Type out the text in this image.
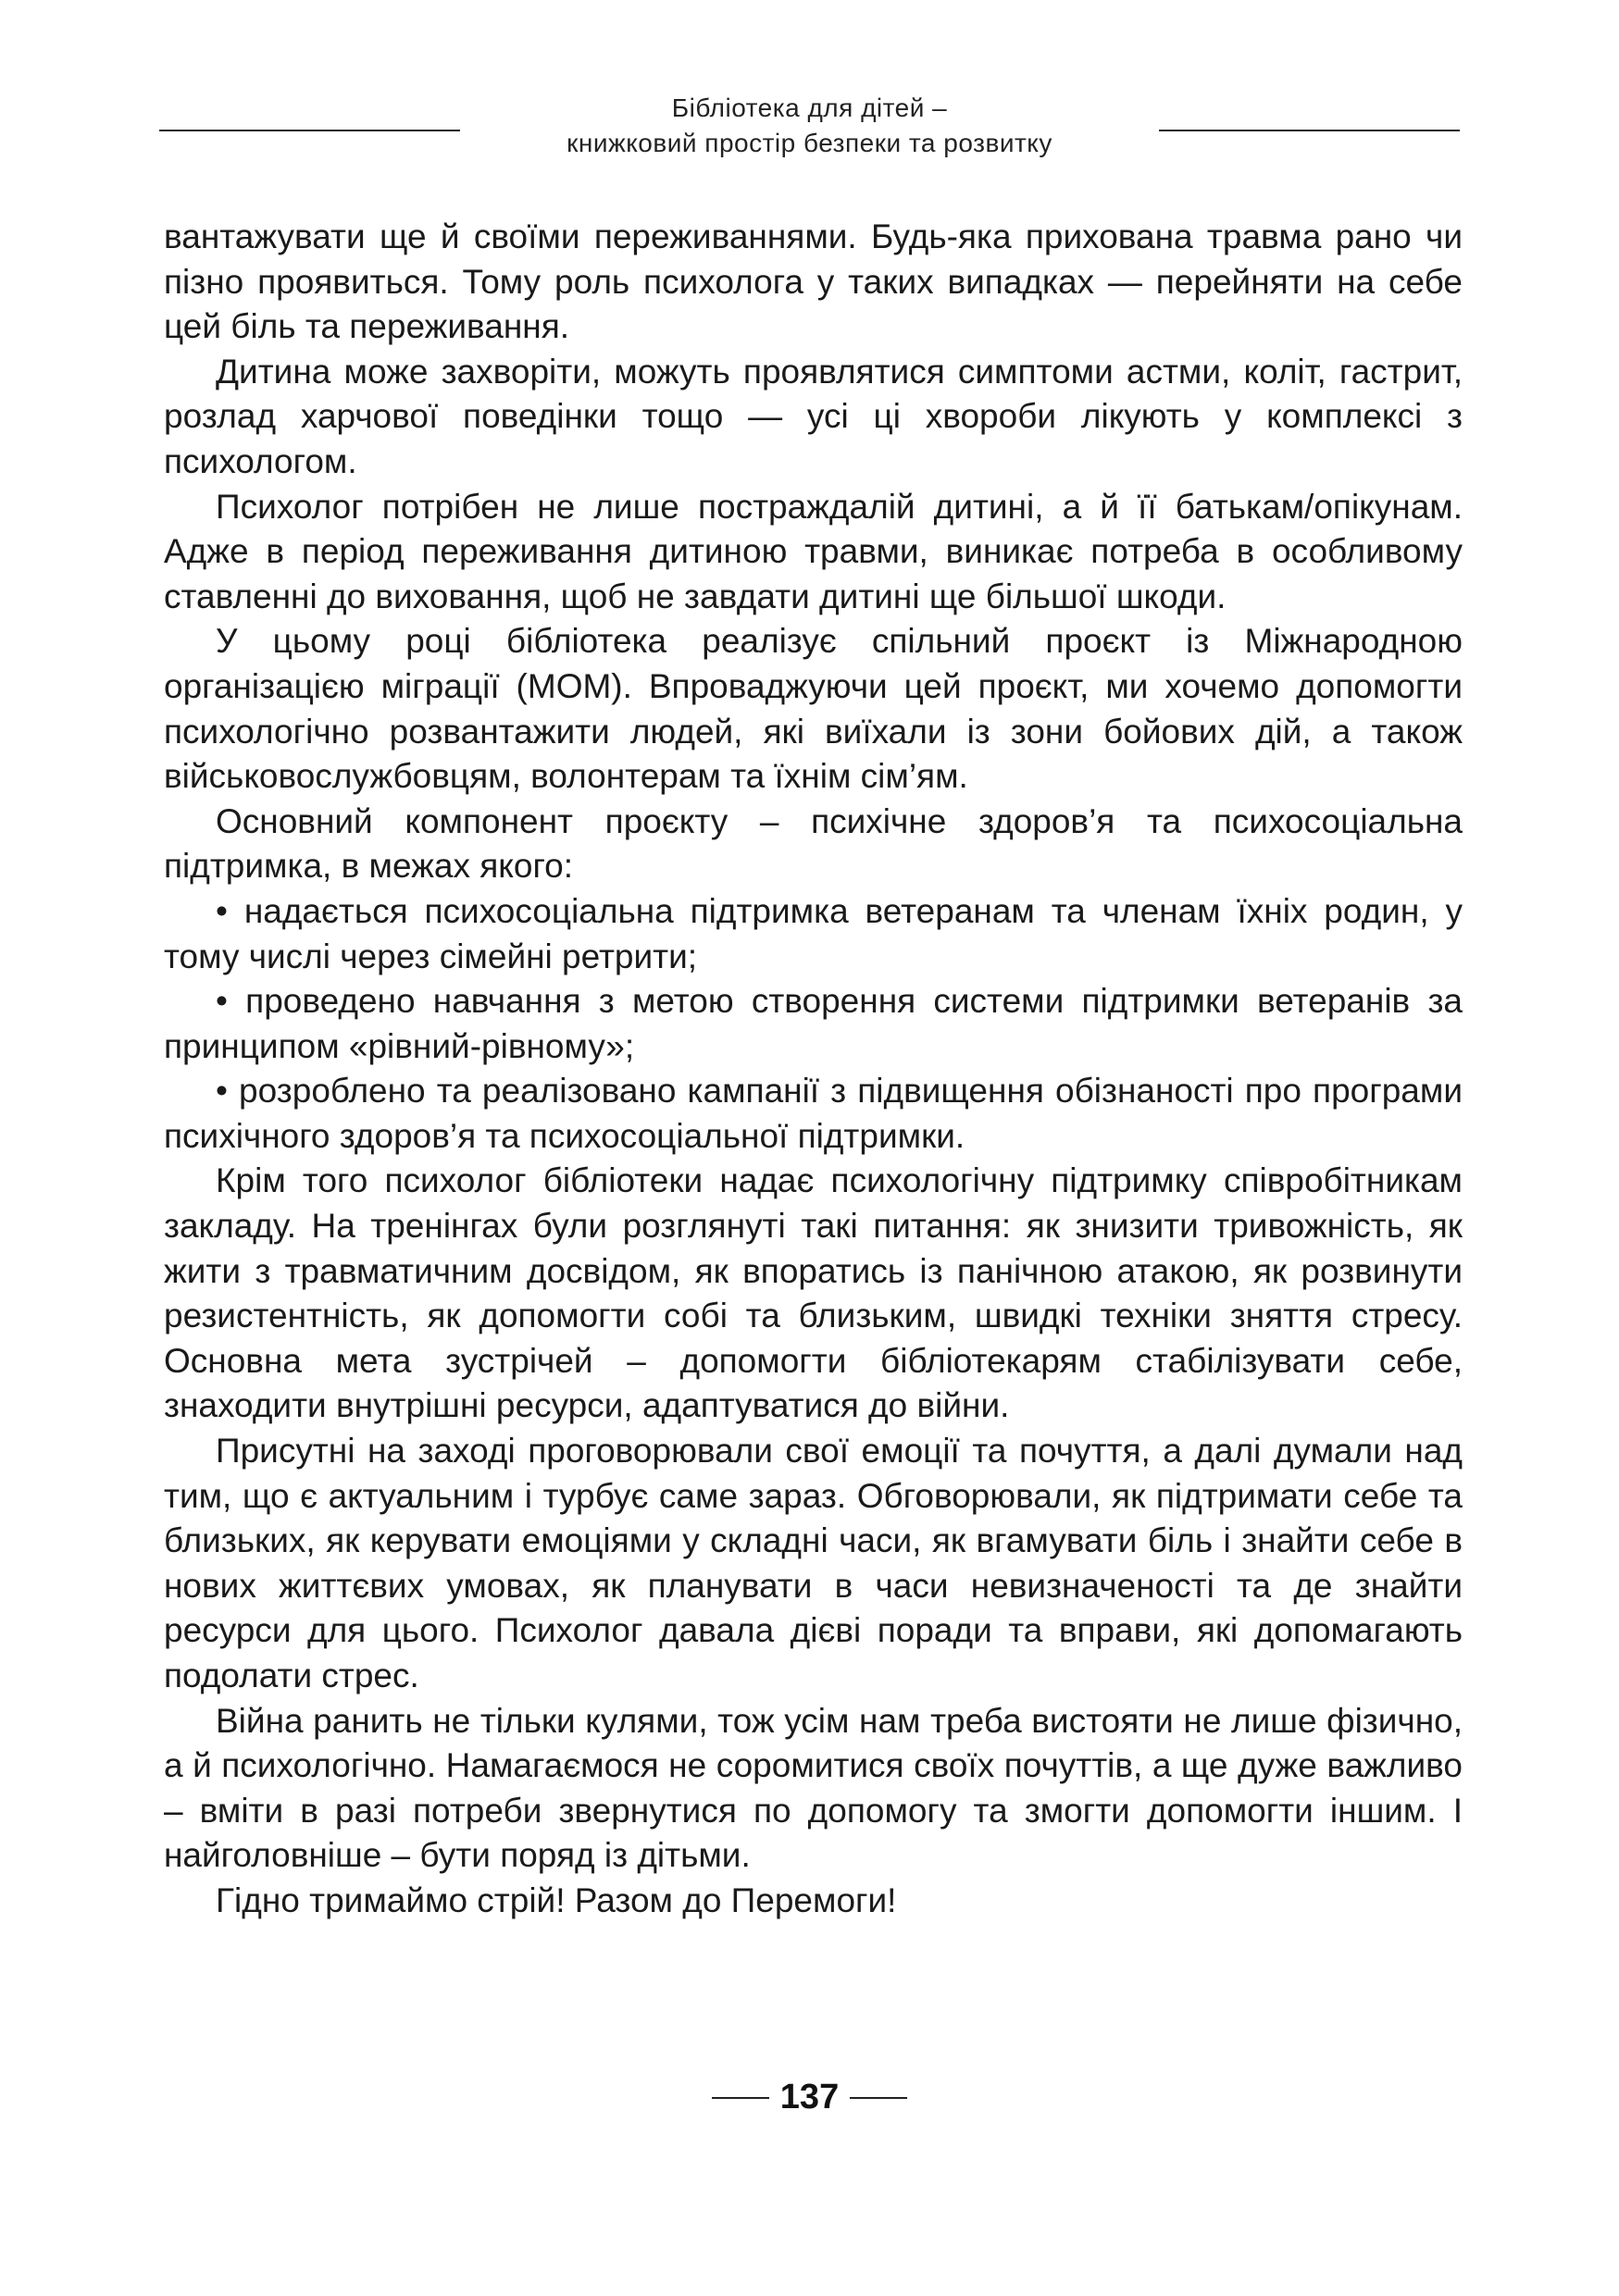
Бібліотека для дітей –
книжковий простір безпеки та розвитку

вантажувати ще й своїми переживаннями. Будь-яка прихована травма рано чи пізно проявиться. Тому роль психолога у таких випадках — перейняти на себе цей біль та переживання.

Дитина може захворіти, можуть проявлятися симптоми астми, коліт, гастрит, розлад харчової поведінки тощо — усі ці хвороби лікують у комплексі з психологом.

Психолог потрібен не лише постраждалій дитині, а й її батькам/опікунам. Адже в період переживання дитиною травми, виникає потреба в особливому ставленні до виховання, щоб не завдати дитині ще більшої шкоди.

У цьому році бібліотека реалізує спільний проєкт із Міжнародною організацією міграції (МОМ). Впроваджуючи цей проєкт, ми хочемо допомогти психологічно розвантажити людей, які виїхали із зони бойових дій, а також військовослужбовцям, волонтерам та їхнім сім’ям.

Основний компонент проєкту – психічне здоров’я та психосоціальна підтримка, в межах якого:

• надається психосоціальна підтримка ветеранам та членам їхніх родин, у тому числі через сімейні ретрити;

• проведено навчання з метою створення системи підтримки ветеранів за принципом «рівний-рівному»;

• розроблено та реалізовано кампанії з підвищення обізнаності про програми психічного здоров’я та психосоціальної підтримки.

Крім того психолог бібліотеки надає психологічну підтримку співробітникам закладу. На тренінгах були розглянуті такі питання: як знизити тривожність, як жити з травматичним досвідом, як впоратись із панічною атакою, як розвинути резистентність, як допомогти собі та близьким, швидкі техніки зняття стресу. Основна мета зустрічей – допомогти бібліотекарям стабілізувати себе, знаходити внутрішні ресурси, адаптуватися до війни.

Присутні на заході проговорювали свої емоції та почуття, а далі думали над тим, що є актуальним і турбує саме зараз. Обговорювали, як підтримати себе та близьких, як керувати емоціями у складні часи, як вгамувати біль і знайти себе в нових життєвих умовах, як планувати в часи невизначеності та де знайти ресурси для цього. Психолог давала дієві поради та вправи, які допомагають подолати стрес.

Війна ранить не тільки кулями, тож усім нам треба вистояти не лише фізично, а й психологічно. Намагаємося не соромитися своїх почуттів, а ще дуже важливо – вміти в разі потреби звернутися по допомогу та змогти допомогти іншим. І найголовніше – бути поряд із дітьми.

Гідно тримаймо стрій! Разом до Перемоги!

137
